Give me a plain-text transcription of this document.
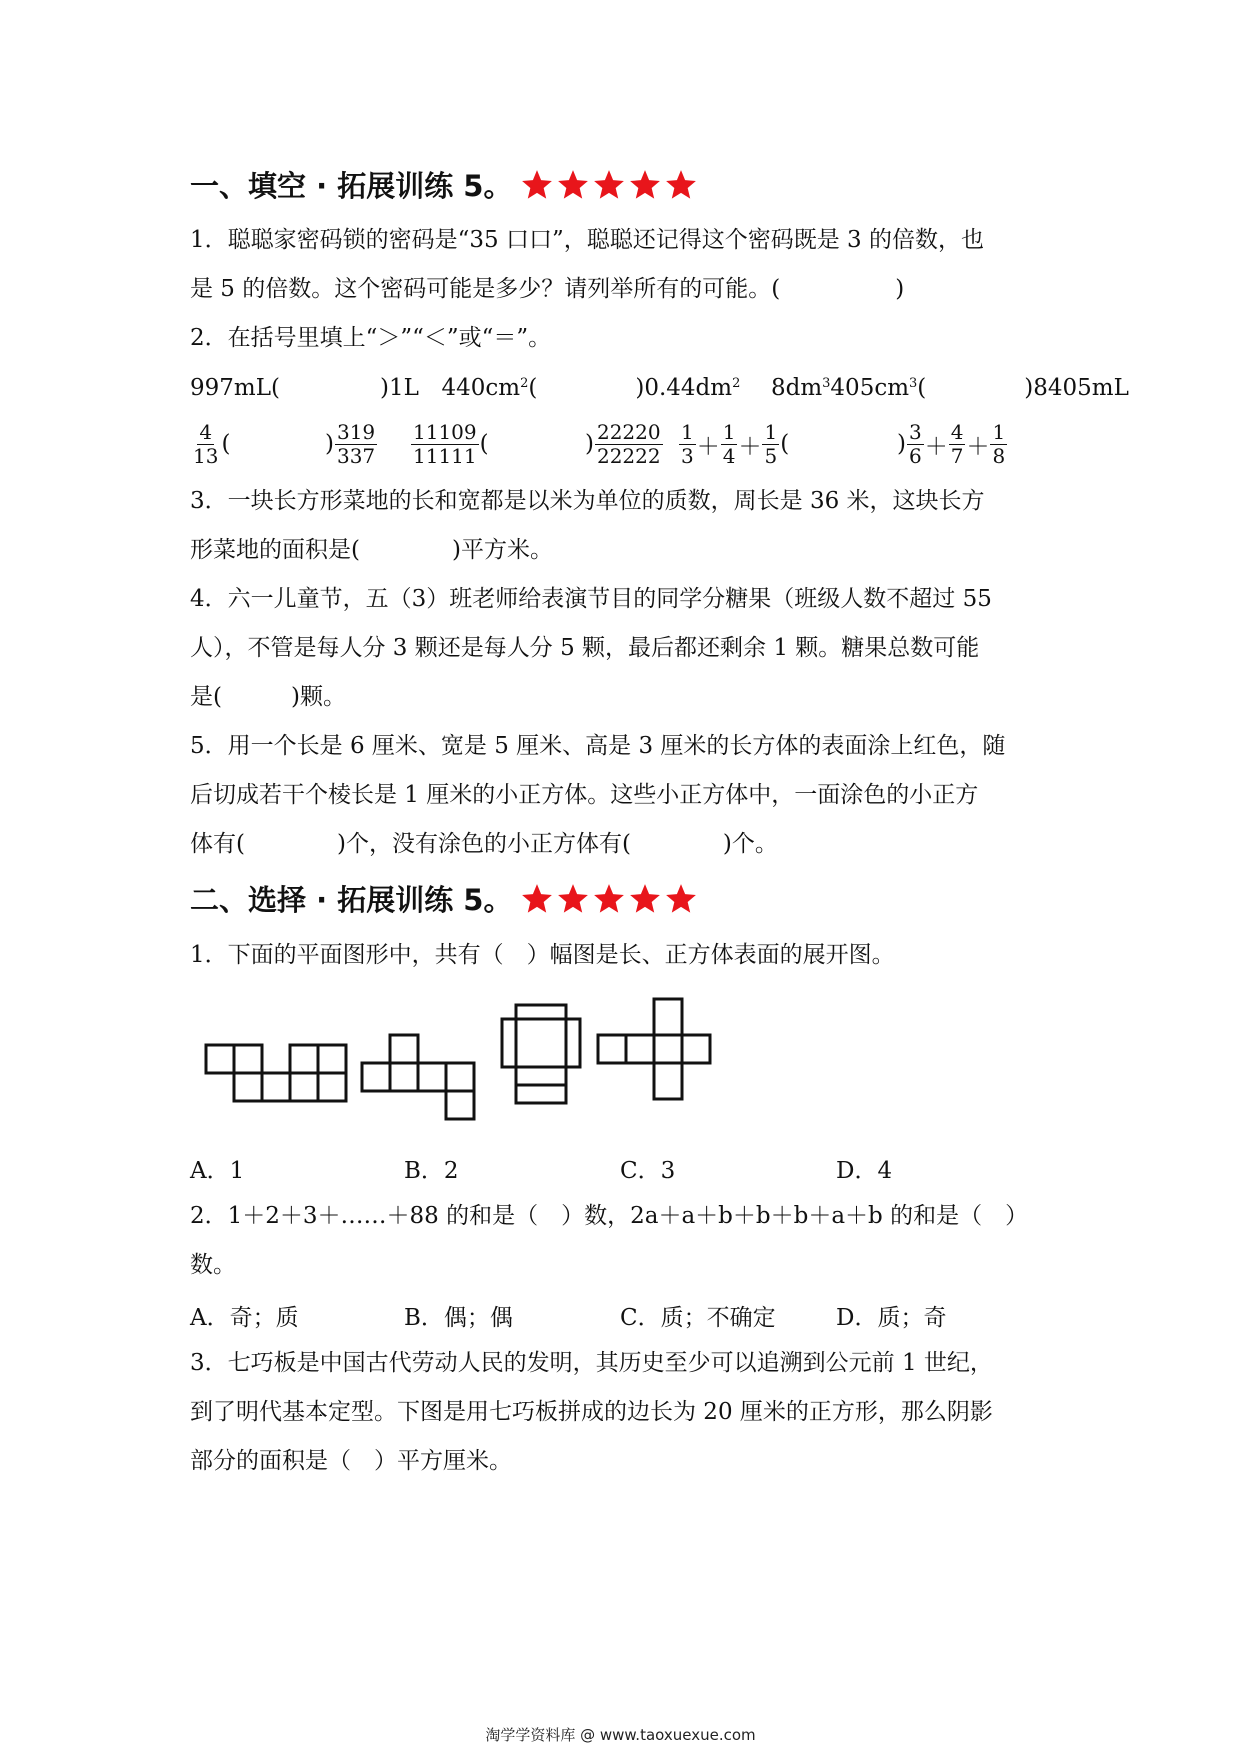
一、填空 · 拓展训练 5。
1．聪聪家密码锁的密码是“35 口口”，聪聪还记得这个密码既是 3 的倍数，也
是 5 的倍数。这个密码可能是多少？请列举所有的可能。(　　　　　)
2．在括号里填上“＞”“＜”或“＝”。
997mL(	)1L $440cm^2$(	)$0.44dm^2$ $8dm^3405cm^3$(	)8405mL
$\frac{4}{13}$ (	) $\frac{319}{337} \frac{11109}{11111}$ (	) $\frac{22220}{22222} \frac{1}{3} + \frac{1}{4} + \frac{1}{5}$ (	) $\frac{3}{6} + \frac{4}{7} + \frac{1}{8}$
3．一块长方形菜地的长和宽都是以米为单位的质数，周长是 36 米，这块长方
形菜地的面积是(　　　　)平方米。
4．六一儿童节，五（3）班老师给表演节目的同学分糖果（班级人数不超过 55
人），不管是每人分 3 颗还是每人分 5 颗，最后都还剩余 1 颗。糖果总数可能
是(　　　)颗。
5．用一个长是 6 厘米、宽是 5 厘米、高是 3 厘米的长方体的表面涂上红色，随
后切成若干个棱长是 1 厘米的小正方体。这些小正方体中，一面涂色的小正方
体有(　　　　)个，没有涂色的小正方体有(　　　　)个。
二、选择 · 拓展训练 5。
1．下面的平面图形中，共有（　）幅图是长、正方体表面的展开图。
A．1	B．2	C．3	D．4
2．1＋2＋3＋……＋88 的和是（　）数，2a＋a＋b＋b＋b＋a＋b 的和是（　）
数。
A．奇；质	B．偶；偶	C．质；不确定	D．质；奇
3．七巧板是中国古代劳动人民的发明，其历史至少可以追溯到公元前 1 世纪，
到了明代基本定型。下图是用七巧板拼成的边长为 20 厘米的正方形，那么阴影
部分的面积是（　）平方厘米。
淘学学资料库 @ www.taoxuexue.com
